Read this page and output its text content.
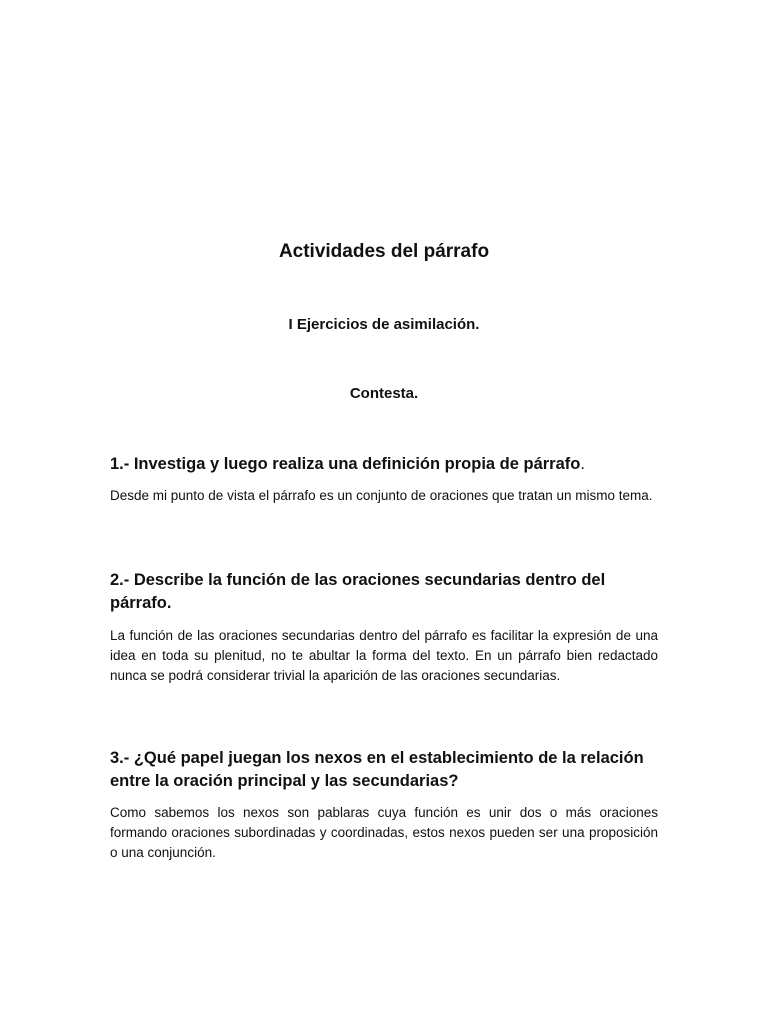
Actividades del párrafo
I Ejercicios de asimilación.
Contesta.

1.- Investiga y luego realiza una definición propia de párrafo.

Desde mi punto de vista el párrafo es un conjunto de oraciones que tratan un mismo tema.

2.- Describe la función de las oraciones secundarias dentro del párrafo.

La función de las oraciones secundarias dentro del párrafo es facilitar la expresión de una idea en toda su plenitud, no te abultar la forma del texto. En un párrafo bien redactado nunca se podrá considerar trivial la aparición de las oraciones secundarias.

3.- ¿Qué papel juegan los nexos en el establecimiento de la relación entre la oración principal y las secundarias?

Como sabemos los nexos son pablaras cuya función es unir dos o más oraciones formando oraciones subordinadas y coordinadas, estos nexos pueden ser una proposición o una conjunción.
